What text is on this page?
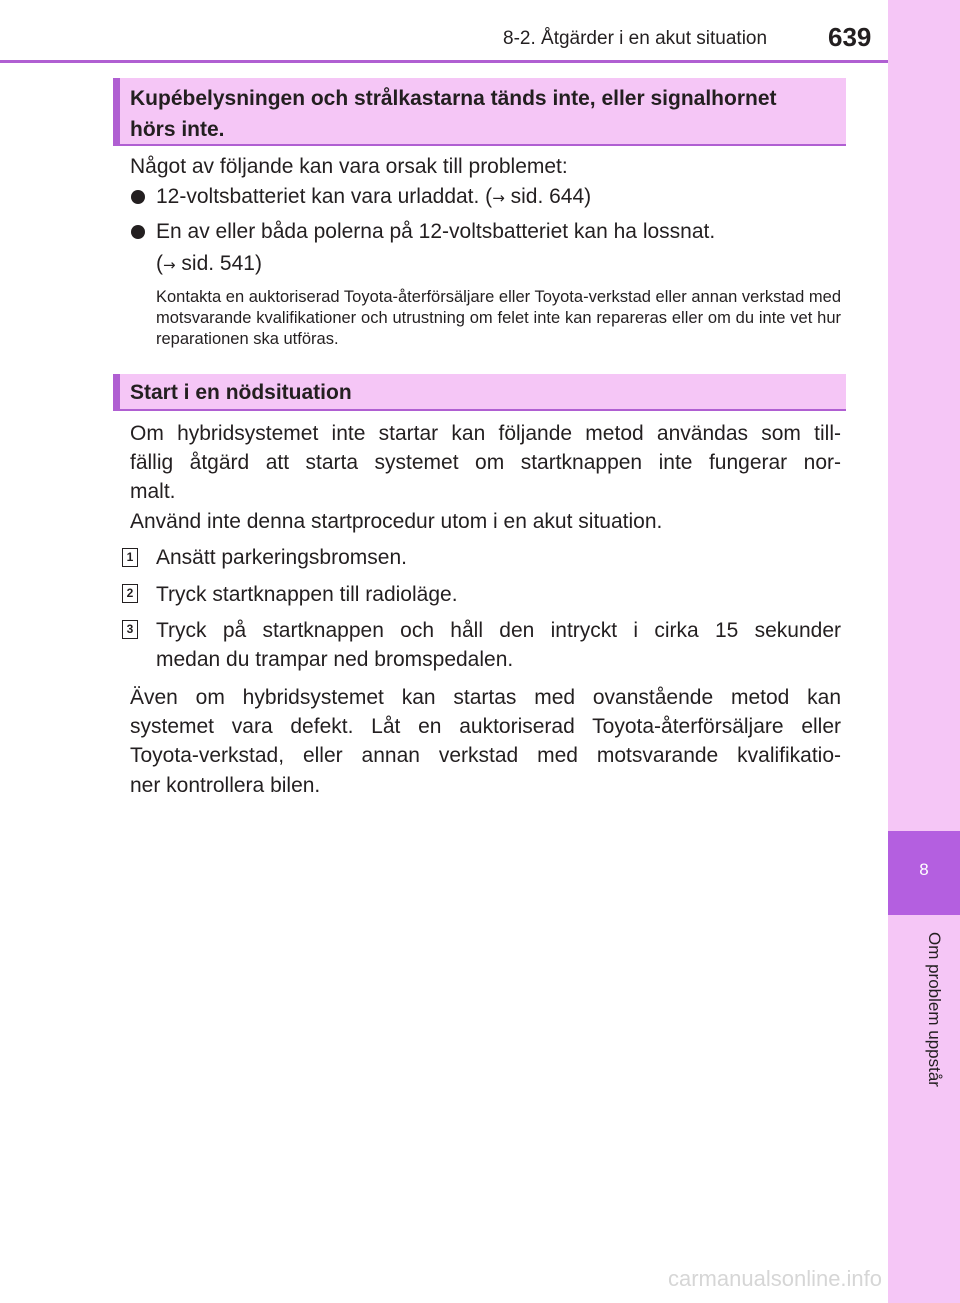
8-2. Åtgärder i en akut situation 639
8
Om problem uppstår
Kupébelysningen och strålkastarna tänds inte, eller signalhornet
hörs inte.
Något av följande kan vara orsak till problemet:
12-voltsbatteriet kan vara urladdat. (→ sid. 644)
En av eller båda polerna på 12-voltsbatteriet kan ha lossnat.
(→ sid. 541)
Kontakta en auktoriserad Toyota-återförsäljare eller Toyota-verkstad eller annan verkstad med motsvarande kvalifikationer och utrustning om felet inte kan repareras eller om du inte vet hur reparationen ska utföras.
Start i en nödsituation
Om hybridsystemet inte startar kan följande metod användas som till-
fällig åtgärd att starta systemet om startknappen inte fungerar nor-
malt.
Använd inte denna startprocedur utom i en akut situation.
1 Ansätt parkeringsbromsen.
2 Tryck startknappen till radioläge.
3 Tryck på startknappen och håll den intryckt i cirka 15 sekunder
medan du trampar ned bromspedalen.
Även om hybridsystemet kan startas med ovanstående metod kan
systemet vara defekt. Låt en auktoriserad Toyota-återförsäljare eller
Toyota-verkstad, eller annan verkstad med motsvarande kvalifikatio-
ner kontrollera bilen.
carmanualsonline.info
